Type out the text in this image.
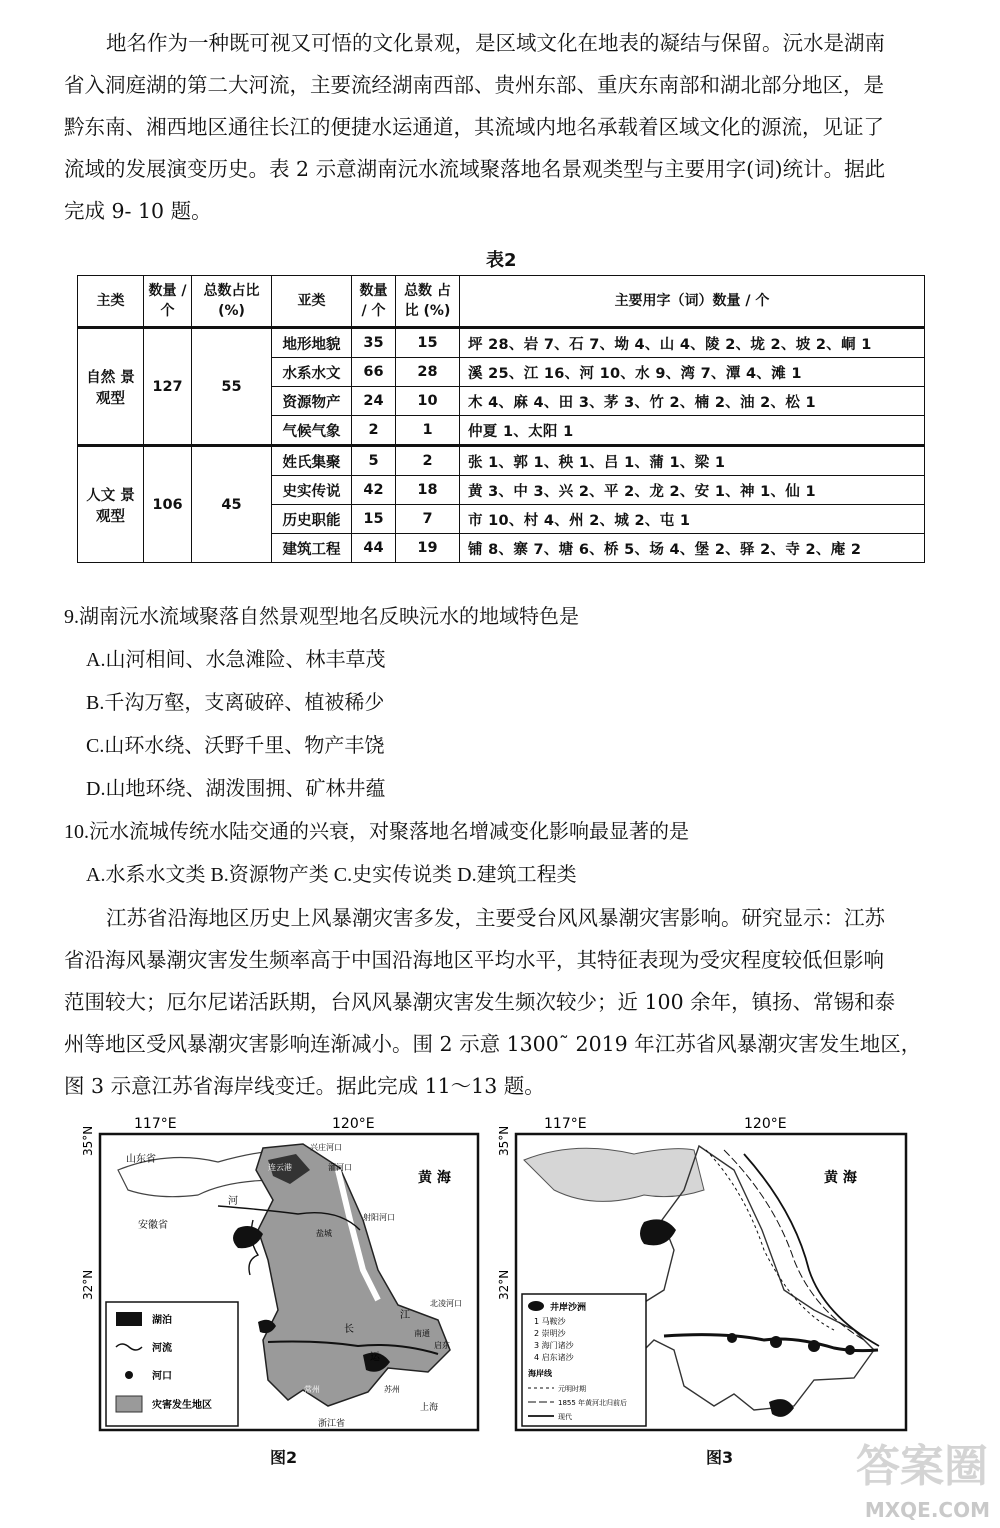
地名作为一种既可视又可悟的文化景观，是区域文化在地表的凝结与保留。沅水是湖南
省入洞庭湖的第二大河流，主要流经湖南西部、贵州东部、重庆东南部和湖北部分地区，是
黔东南、湘西地区通往长江的便捷水运通道，其流域内地名承载着区域文化的源流，见证了
流域的发展演变历史。表 2 示意湖南沅水流域聚落地名景观类型与主要用字(词)统计。据此
完成 9- 10 题。
表2
主类	数量 / 个	总数占比 (%)	亚类	数量 / 个	总数 占比 (%)	主要用字（词）数量 / 个
自然 景观型	127	55	地形地貌	35	15	坪 28、岩 7、石 7、坳 4、山 4、陵 2、垅 2、坡 2、峒 1
			水系水文	66	28	溪 25、江 16、河 10、水 9、湾 7、潭 4、滩 1
			资源物产	24	10	木 4、麻 4、田 3、茅 3、竹 2、楠 2、油 2、松 1
			气候气象	2	1	仲夏 1、太阳 1
人文 景观型	106	45	姓氏集聚	5	2	张 1、郭 1、秧 1、吕 1、蒲 1、梁 1
			史实传说	42	18	黄 3、中 3、兴 2、平 2、龙 2、安 1、神 1、仙 1
			历史职能	15	7	市 10、村 4、州 2、城 2、屯 1
			建筑工程	44	19	铺 8、寨 7、塘 6、桥 5、场 4、堡 2、驿 2、寺 2、庵 2
9.湖南沅水流域聚落自然景观型地名反映沅水的地域特色是
A.山河相间、水急滩险、林丰草茂
B.千沟万壑，支离破碎、植被稀少
C.山环水绕、沃野千里、物产丰饶
D.山地环绕、湖泼围拥、矿林井蕴
10.沅水流城传统水陆交通的兴衰，对聚落地名增减变化影响最显著的是
A.水系水文类 B.资源物产类 C.史实传说类 D.建筑工程类
江苏省沿海地区历史上风暴潮灾害多发，主要受台风风暴潮灾害影响。研究显示：江苏
省沿海风暴潮灾害发生频率高于中国沿海地区平均水平，其特征表现为受灾程度较低但影响
范围较大；厄尔尼诺活跃期，台风风暴潮灾害发生频次较少；近 100 余年，镇扬、常锡和泰
州等地区受风暴潮灾害影响连渐减小。围 2 示意 1300˜ 2019 年江苏省风暴潮灾害发生地区，
图 3 示意江苏省海岸线变迁。据此完成 11～13 题。
117°E	120°E
35°N
32°N
黄 海
山东省
安徽省
浙江省
上海
兴庄河口
灌河口
射阳河口
北凌河口
连云港
盐城
常州	苏州
南通
江
长
运
河
启东
湖泊
河流
河口
灾害发生地区
图2
117°E	120°E
35°N
32°N
黄 海
井岸沙洲
1 马鞍沙
2 崇明沙
3 海门诸沙
4 启东诸沙
海岸线
元明时期
1855 年黄河北归前后
现代
图3	答案圈
MXQE.COM
